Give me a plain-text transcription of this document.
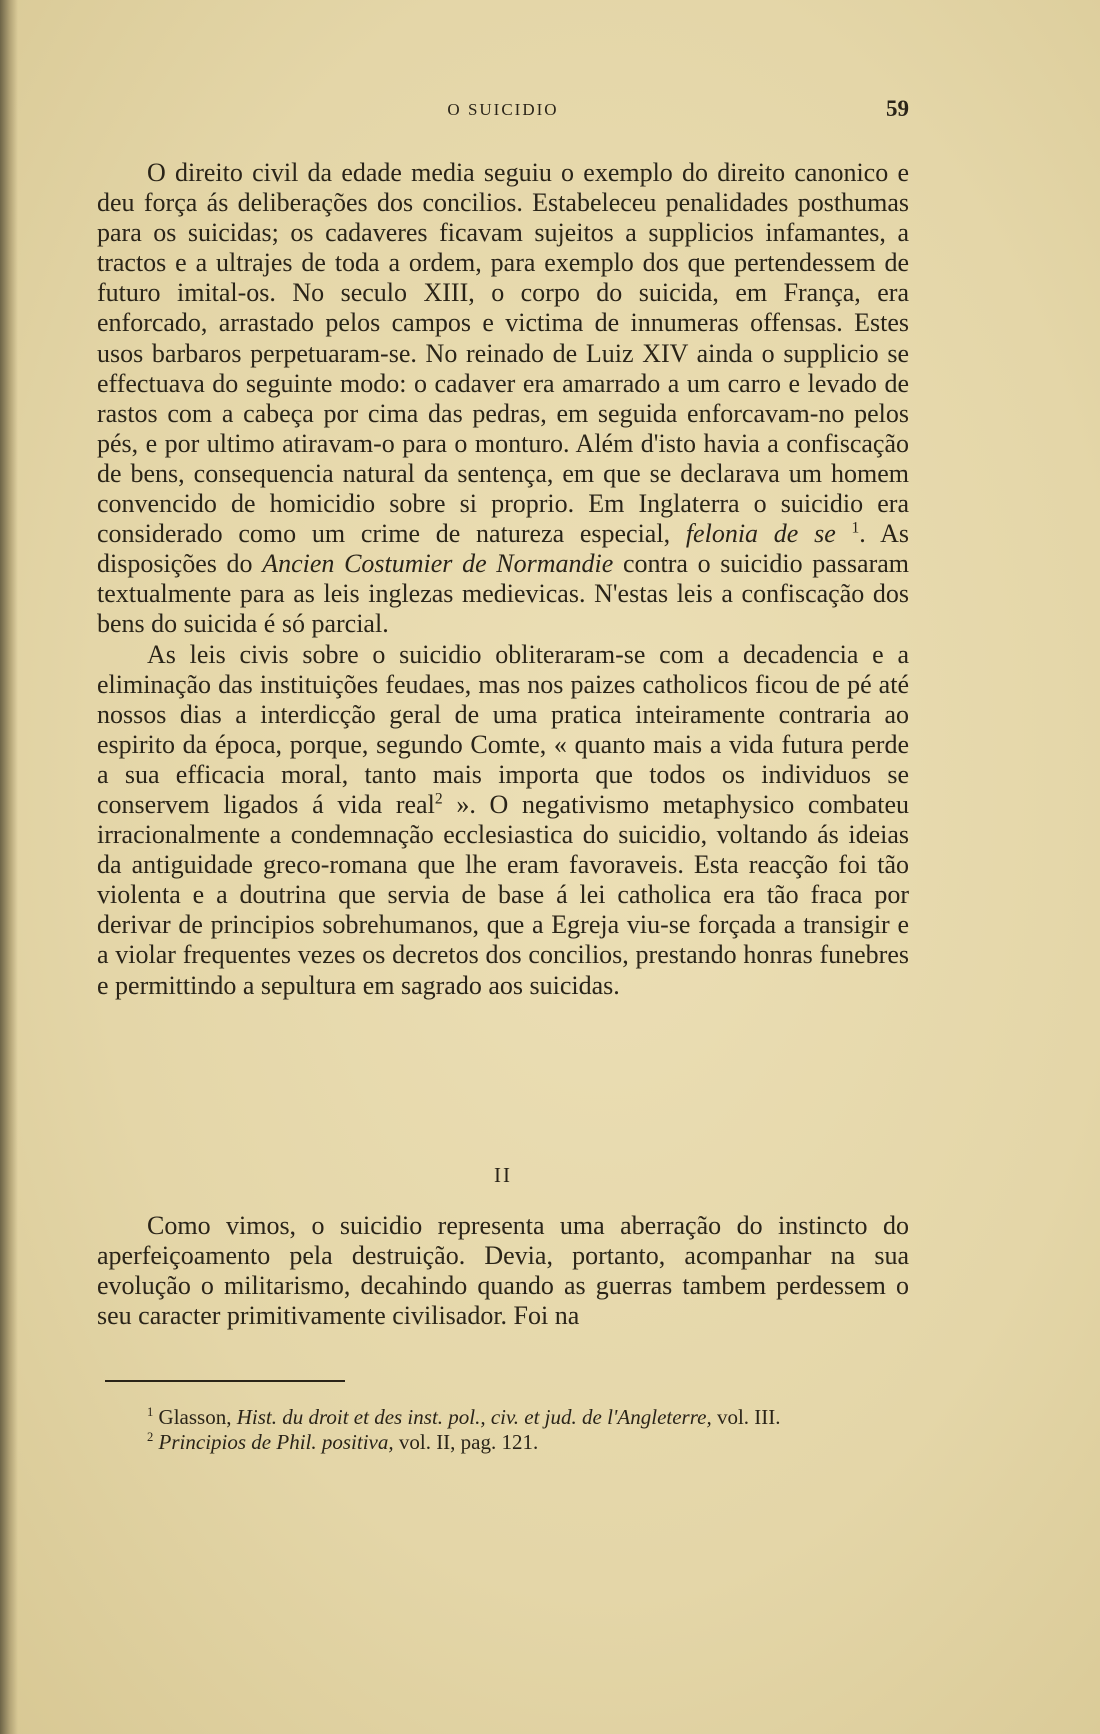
O SUICIDIO	59

O direito civil da edade media seguiu o exemplo do direito canonico e deu força ás deliberações dos concilios. Estabeleceu penalidades posthumas para os suicidas; os cadaveres ficavam sujeitos a supplicios infamantes, a tractos e a ultrajes de toda a ordem, para exemplo dos que pertendessem de futuro imital-os. No seculo XIII, o corpo do suicida, em França, era enforcado, arrastado pelos campos e victima de innumeras offensas. Estes usos barbaros perpetuaram-se. No reinado de Luiz XIV ainda o supplicio se effectuava do seguinte modo: o cadaver era amarrado a um carro e levado de rastos com a cabeça por cima das pedras, em seguida enforcavam-no pelos pés, e por ultimo atiravam-o para o monturo. Além d'isto havia a confiscação de bens, consequencia natural da sentença, em que se declarava um homem convencido de homicidio sobre si proprio. Em Inglaterra o suicidio era considerado como um crime de natureza especial, felonia de se $^1$. As disposições do Ancien Costumier de Normandie contra o suicidio passaram textualmente para as leis inglezas medievicas. N'estas leis a confiscação dos bens do suicida é só parcial.

As leis civis sobre o suicidio obliteraram-se com a decadencia e a eliminação das instituições feudaes, mas nos paizes catholicos ficou de pé até nossos dias a interdicção geral de uma pratica inteiramente contraria ao espirito da época, porque, segundo Comte, « quanto mais a vida futura perde a sua efficacia moral, tanto mais importa que todos os individuos se conservem ligados á vida real$^2$ ». O negativismo metaphysico combateu irracionalmente a condemnação ecclesiastica do suicidio, voltando ás ideias da antiguidade greco-romana que lhe eram favoraveis. Esta reacção foi tão violenta e a doutrina que servia de base á lei catholica era tão fraca por derivar de principios sobrehumanos, que a Egreja viu-se forçada a transigir e a violar frequentes vezes os decretos dos concilios, prestando honras funebres e permittindo a sepultura em sagrado aos suicidas.

II

Como vimos, o suicidio representa uma aberração do instincto do aperfeiçoamento pela destruição. Devia, portanto, acompanhar na sua evolução o militarismo, decahindo quando as guerras tambem perdessem o seu caracter primitivamente civilisador. Foi na

$^1$ Glasson, Hist. du droit et des inst. pol., civ. et jud. de l'Angleterre, vol. III.

$^2$ Principios de Phil. positiva, vol. II, pag. 121.
